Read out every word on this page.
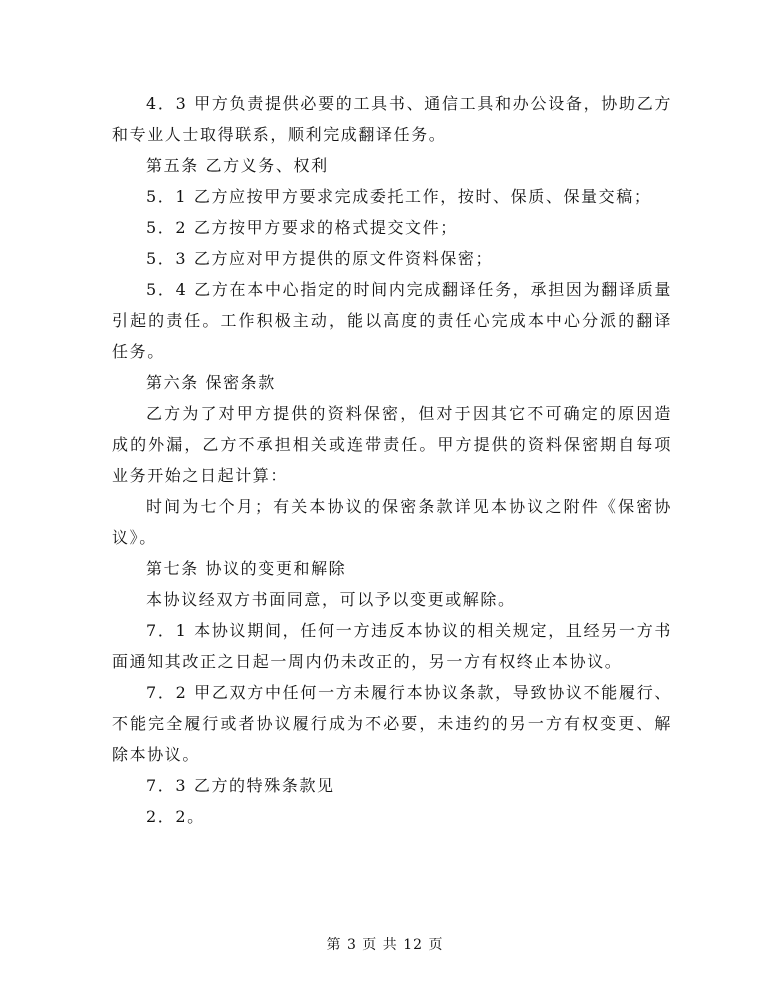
4．3 甲方负责提供必要的工具书、通信工具和办公设备，协助乙方和专业人士取得联系，顺利完成翻译任务。

第五条 乙方义务、权利

5．1 乙方应按甲方要求完成委托工作，按时、保质、保量交稿；

5．2 乙方按甲方要求的格式提交文件；

5．3 乙方应对甲方提供的原文件资料保密；

5．4 乙方在本中心指定的时间内完成翻译任务，承担因为翻译质量引起的责任。工作积极主动，能以高度的责任心完成本中心分派的翻译任务。

第六条 保密条款

乙方为了对甲方提供的资料保密，但对于因其它不可确定的原因造成的外漏，乙方不承担相关或连带责任。甲方提供的资料保密期自每项业务开始之日起计算：

时间为七个月；有关本协议的保密条款详见本协议之附件《保密协议》。

第七条 协议的变更和解除

本协议经双方书面同意，可以予以变更或解除。

7．1 本协议期间，任何一方违反本协议的相关规定，且经另一方书面通知其改正之日起一周内仍未改正的，另一方有权终止本协议。

7．2 甲乙双方中任何一方未履行本协议条款，导致协议不能履行、不能完全履行或者协议履行成为不必要，未违约的另一方有权变更、解除本协议。

7．3 乙方的特殊条款见

2．2。

第 3 页 共 12 页
